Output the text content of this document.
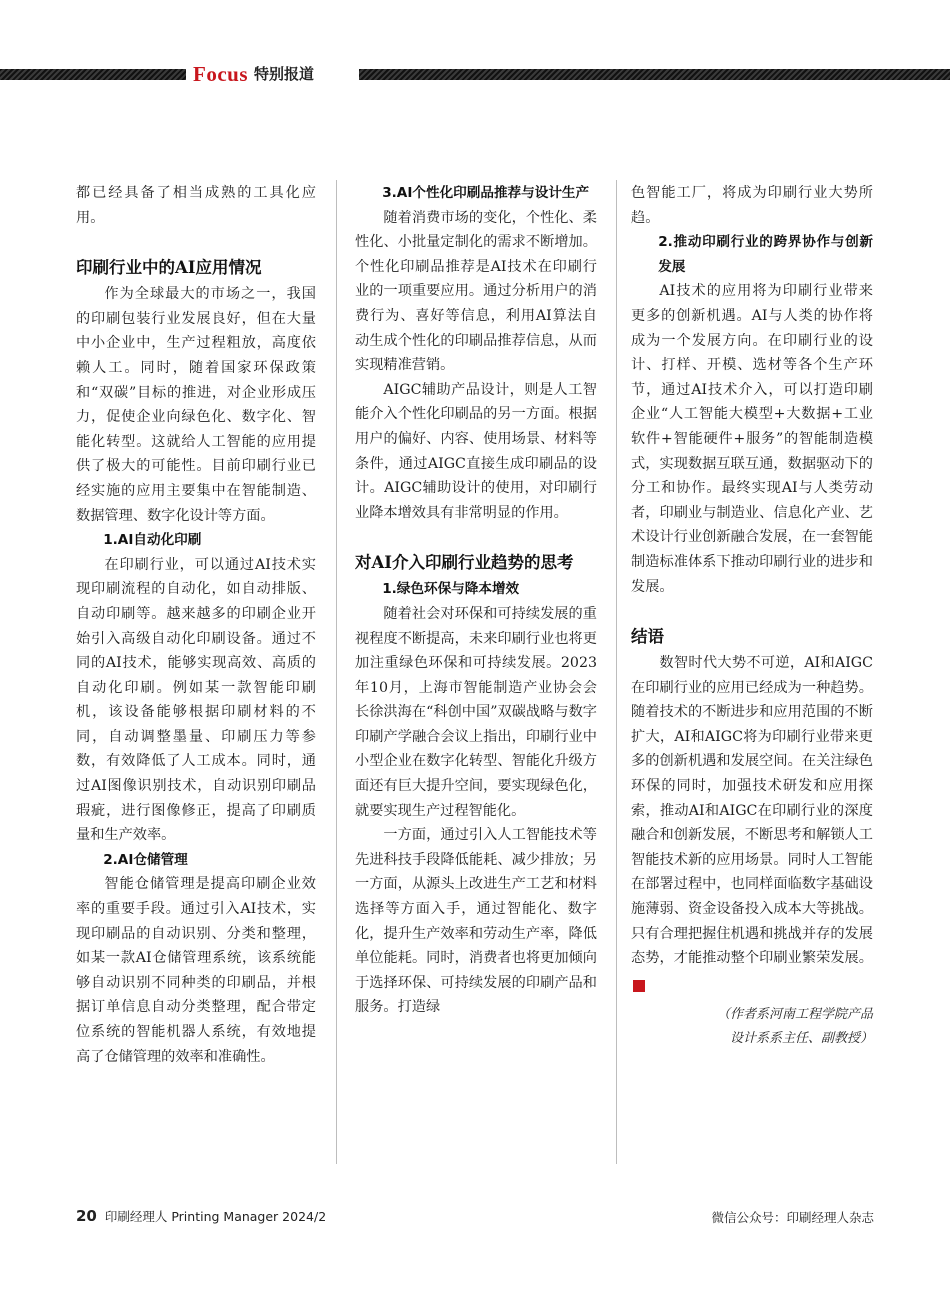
Focus 特别报道

都已经具备了相当成熟的工具化应用。

印刷行业中的AI应用情况

作为全球最大的市场之一，我国的印刷包装行业发展良好，但在大量中小企业中，生产过程粗放，高度依赖人工。同时，随着国家环保政策和“双碳”目标的推进，对企业形成压力，促使企业向绿色化、数字化、智能化转型。这就给人工智能的应用提供了极大的可能性。目前印刷行业已经实施的应用主要集中在智能制造、数据管理、数字化设计等方面。

1.AI自动化印刷

在印刷行业，可以通过AI技术实现印刷流程的自动化，如自动排版、自动印刷等。越来越多的印刷企业开始引入高级自动化印刷设备。通过不同的AI技术，能够实现高效、高质的自动化印刷。例如某一款智能印刷机，该设备能够根据印刷材料的不同，自动调整墨量、印刷压力等参数，有效降低了人工成本。同时，通过AI图像识别技术，自动识别印刷品瑕疵，进行图像修正，提高了印刷质量和生产效率。

2.AI仓储管理

智能仓储管理是提高印刷企业效率的重要手段。通过引入AI技术，实现印刷品的自动识别、分类和整理，如某一款AI仓储管理系统，该系统能够自动识别不同种类的印刷品，并根据订单信息自动分类整理，配合带定位系统的智能机器人系统，有效地提高了仓储管理的效率和准确性。

3.AI个性化印刷品推荐与设计生产

随着消费市场的变化，个性化、柔性化、小批量定制化的需求不断增加。个性化印刷品推荐是AI技术在印刷行业的一项重要应用。通过分析用户的消费行为、喜好等信息，利用AI算法自动生成个性化的印刷品推荐信息，从而实现精准营销。

AIGC辅助产品设计，则是人工智能介入个性化印刷品的另一方面。根据用户的偏好、内容、使用场景、材料等条件，通过AIGC直接生成印刷品的设计。AIGC辅助设计的使用，对印刷行业降本增效具有非常明显的作用。

对AI介入印刷行业趋势的思考
1.绿色环保与降本增效

随着社会对环保和可持续发展的重视程度不断提高，未来印刷行业也将更加注重绿色环保和可持续发展。2023年10月，上海市智能制造产业协会会长徐洪海在“科创中国”双碳战略与数字印刷产学融合会议上指出，印刷行业中小型企业在数字化转型、智能化升级方面还有巨大提升空间，要实现绿色化，就要实现生产过程智能化。

一方面，通过引入人工智能技术等先进科技手段降低能耗、减少排放；另一方面，从源头上改进生产工艺和材料选择等方面入手，通过智能化、数字化，提升生产效率和劳动生产率，降低单位能耗。同时，消费者也将更加倾向于选择环保、可持续发展的印刷产品和服务。打造绿

色智能工厂，将成为印刷行业大势所趋。

2.推动印刷行业的跨界协作与创新发展

AI技术的应用将为印刷行业带来更多的创新机遇。AI与人类的协作将成为一个发展方向。在印刷行业的设计、打样、开模、选材等各个生产环节，通过AI技术介入，可以打造印刷企业“人工智能大模型+大数据+工业软件+智能硬件+服务”的智能制造模式，实现数据互联互通，数据驱动下的分工和协作。最终实现AI与人类劳动者，印刷业与制造业、信息化产业、艺术设计行业创新融合发展，在一套智能制造标准体系下推动印刷行业的进步和发展。

结语

数智时代大势不可逆，AI和AIGC在印刷行业的应用已经成为一种趋势。随着技术的不断进步和应用范围的不断扩大，AI和AIGC将为印刷行业带来更多的创新机遇和发展空间。在关注绿色环保的同时，加强技术研发和应用探索，推动AI和AIGC在印刷行业的深度融合和创新发展，不断思考和解锁人工智能技术新的应用场景。同时人工智能在部署过程中，也同样面临数字基础设施薄弱、资金设备投入成本大等挑战。只有合理把握住机遇和挑战并存的发展态势，才能推动整个印刷业繁荣发展。人

（作者系河南工程学院产品
设计系系主任、副教授）
20 印刷经理人 Printing Manager 2024/2	微信公众号：印刷经理人杂志
